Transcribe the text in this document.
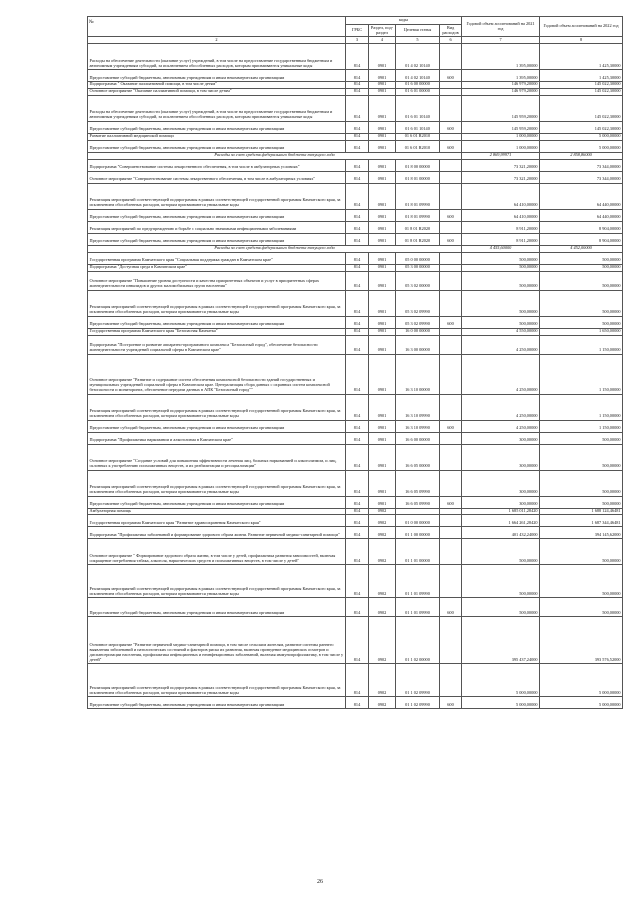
№
	коды				Годовой объем ассигнований на 2021 год	Годовой объем ассигнований на 2022 год
	ГРБС	Раздел, под-раздел	Целевая статья	Вид расходов		
2	3	4	5	6	7	8
Расходы на обеспечение деятельности (оказание услуг) учреждений, в том числе на предоставление государственным бюджетным и автономным учреждениям субсидий, за исключением обособленных расходов, которым присваиваются уникальные коды	814	0901	01 4 02 10140		1 395,00000	1 425,30000
Предоставление субсидий бюджетным, автономным учреждениям и иным некоммерческим организациям	814	0901	01 4 02 10140	600	1 395,00000	1 425,30000
Подпрограмма " Оказание паллиативной помощи, в том числе детям"	814	0901	01 6 00 00000		146 979,20000	145 022,30000
Основное мероприятие "Оказание паллиативной помощи, в том числе детям"	814	0901	01 6 01 00000		146 979,20000	145 022,30000
Расходы на обеспечение деятельности (оказание услуг) учреждений, в том числе на предоставление государственным бюджетным и автономным учреждениям субсидий, за исключением обособленных расходов, которым присваиваются уникальные коды	814	0901	01 6 01 10140		145 959,20000	145 022,30000
Предоставление субсидий бюджетным, автономным учреждениям и иным некоммерческим организациям	814	0901	01 6 01 10140	600	145 959,20000	145 022,30000
Развитие паллиативной медицинской помощи	814	0901	01 6 01 R2010		1 000,00000	5 000,00000
Предоставление субсидий бюджетным, автономным учреждениям и иным некоммерческим организациям	814	0901	01 6 01 R2010	600	1 000,00000	5 000,00000
Расходы за счет средств федерального бюджета текущего года					2 869,99971	2 858,86000
Подпрограмма "Совершенствование системы лекарственного обеспечения, в том числе в амбулаторных условиях"	814	0901	01 8 00 00000		73 321,20000	73 344,00000
Основное мероприятие "Совершенствование системы лекарственного обеспечения, в том числе в амбулаторных условиях"	814	0901	01 8 01 00000		73 321,20000	73 344,00000
Реализация мероприятий соответствующей подпрограммы в рамках соответствующей государственной программы Камчатского края, за исключением обособленных расходов, которым присваиваются уникальные коды	814	0901	01 8 01 09990		64 410,00000	64 440,00000
Предоставление субсидий бюджетным, автономным учреждениям и иным некоммерческим организациям	814	0901	01 8 01 09990	600	64 410,00000	64 440,00000
Реализация мероприятий по предупреждению и борьбе с социально значимыми инфекционными заболеваниями	814	0901	01 8 01 R2020		8 911,20000	8 904,00000
Предоставление субсидий бюджетным, автономным учреждениям и иным некоммерческим организациям	814	0901	01 8 01 R2020	600	8 911,20000	8 904,00000
Расходы за счет средств федерального бюджета текущего года					4 455,60000	4 452,00000
Государственная программа Камчатского края "Социальная поддержка граждан в Камчатском крае"	814	0901	05 0 00 00000		500,00000	500,00000
Подпрограмма "Доступная среда в Камчатском крае"	814	0901	05 3 00 00000		500,00000	500,00000
Основное мероприятие "Повышение уровня доступности и качества приоритетных объектов и услуг в приоритетных сферах жизнедеятельности инвалидов и других маломобильных групп населения"	814	0901	05 3 02 00000		500,00000	500,00000
Реализация мероприятий соответствующей подпрограммы в рамках соответствующей государственной программы Камчатского края, за исключением обособленных расходов, которым присваиваются уникальные коды	814	0901	05 3 02 09990		500,00000	500,00000
Предоставление субсидий бюджетным, автономным учреждениям и иным некоммерческим организациям	814	0901	05 3 02 09990	600	500,00000	500,00000
Государственная программа Камчатского края "Безопасная Камчатка"	814	0901	16 0 00 00000		4 550,00000	1 650,00000
Подпрограмма "Построение и развитие аппаратно-программного комплекса "Безопасный город", обеспечение безопасности жизнедеятельности учреждений социальной сферы в Камчатском крае"	814	0901	16 3 00 00000		4 250,00000	1 150,00000
Основное мероприятие "Развитие и содержание систем обеспечения комплексной безопасности зданий государственных и муниципальных учреждений социальной сферы в Камчатском крае. Централизация сбора данных с охранных систем комплексной безопасности и мониторинга, обеспечение передачи данных в АПК "Безопасный город""	814	0901	16 3 10 00000		4 250,00000	1 150,00000
Реализация мероприятий соответствующей подпрограммы в рамках соответствующей государственной программы Камчатского края, за исключением обособленных расходов, которым присваиваются уникальные коды	814	0901	16 3 10 09990		4 250,00000	1 150,00000
Предоставление субсидий бюджетным, автономным учреждениям и иным некоммерческим организациям	814	0901	16 3 10 09990	600	4 250,00000	1 150,00000
Подпрограмма "Профилактика наркомании и алкоголизма в Камчатском крае"	814	0901	16 6 00 00000		300,00000	500,00000
Основное мероприятие "Создание условий для повышения эффективности лечения лиц, больных наркоманией и алкоголизмом, и лиц, склонных к употреблению психоактивных веществ, и их реабилитации и ресоциализации"	814	0901	16 6 05 00000		300,00000	500,00000
Реализация мероприятий соответствующей подпрограммы в рамках соответствующей государственной программы Камчатского края, за исключением обособленных расходов, которым присваиваются уникальные коды	814	0901	16 6 05 09990		300,00000	500,00000
Предоставление субсидий бюджетным, автономным учреждениям и иным некоммерческим организациям	814	0901	16 6 05 09990	600	300,00000	500,00000
Амбулаторная помощь	814	0902			1 685 011,28420	1 688 124,46481
Государственная программа Камчатского края "Развитие здравоохранения Камчатского края"	814	0902	01 0 00 00000		1 664 261,28420	1 687 344,46481
Подпрограмма "Профилактика заболеваний и формирование здорового образа жизни. Развитие первичной медико-санитарной помощи"	814	0902	01 1 00 00000		401 432,24000	394 145,62000
Основное мероприятие " Формирование здорового образа жизни, в том числе у детей, профилактика развития зависимостей, включая сокращение потребления табака, алкоголя, наркотических средств и психоактивных веществ, в том числе у детей"	814	0902	01 1 01 00000		500,00000	500,00000
Реализация мероприятий соответствующей подпрограммы в рамках соответствующей государственной программы Камчатского края, за исключением обособленных расходов, которым присваиваются уникальные коды	814	0902	01 1 01 09990		500,00000	500,00000
Предоставление субсидий бюджетным, автономным учреждениям и иным некоммерческим организациям	814	0902	01 1 01 09990	600	500,00000	500,00000
Основное мероприятие "Развитие первичной медико-санитарной помощи, в том числе сельским жителям, развитие системы раннего выявления заболеваний и патологических состояний и факторов риска их развития, включая проведение медицинских осмотров и диспансеризации населения, профилактика инфекционных и неинфекционных заболеваний, включая иммунопрофилактику, в том числе у детей"	814	0902	01 1 02 00000		395 437,24000	393 576,52000
Реализация мероприятий соответствующей подпрограммы в рамках соответствующей государственной программы Камчатского края, за исключением обособленных расходов, которым присваиваются уникальные коды	814	0902	01 1 02 09990		5 000,00000	5 000,00000
Предоставление субсидий бюджетным, автономным учреждениям и иным некоммерческим организациям	814	0902	01 1 02 09990	600	5 000,00000	5 000,00000
26
